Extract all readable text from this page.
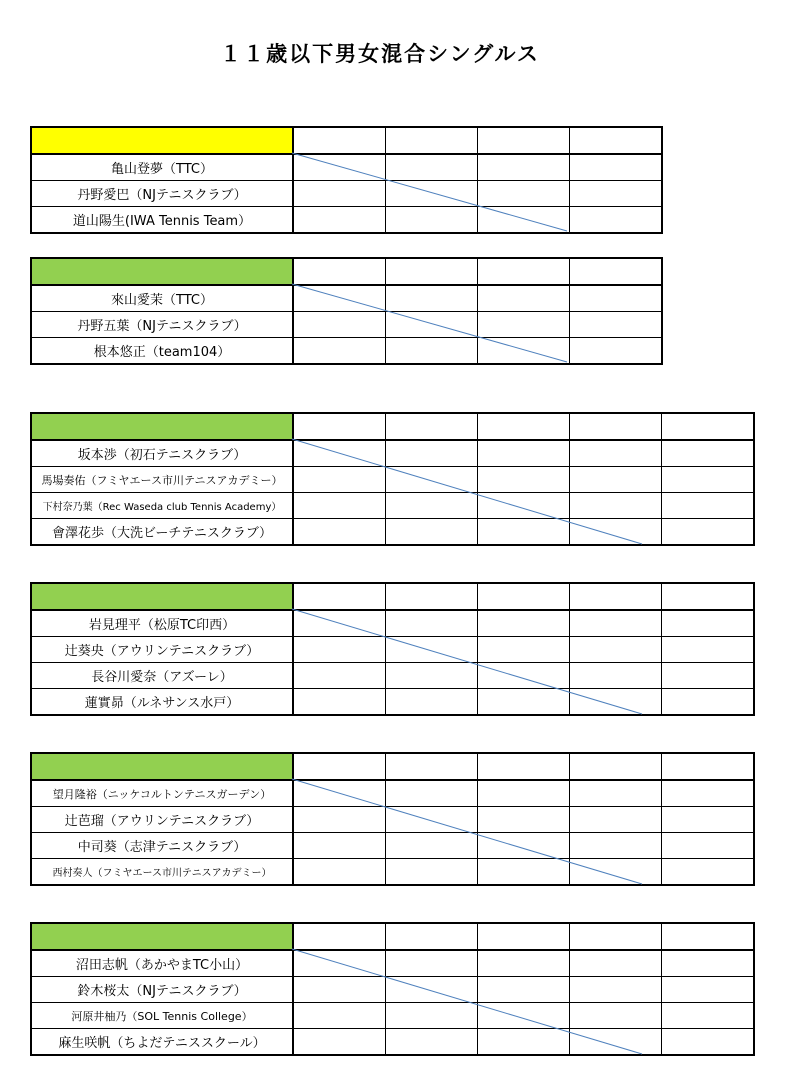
１１歳以下男女混合シングルス

亀山登夢（TTC）				
丹野愛巴（NJテニスクラブ）				
道山陽生(IWA Tennis Team）				

來山愛茉（TTC）				
丹野五葉（NJテニスクラブ）				
根本悠正（team104）				

坂本渉（初石テニスクラブ）					
馬場奏佑（フミヤエース市川テニスアカデミー）					
下村奈乃葉（Rec Waseda club Tennis Academy）					
會澤花歩（大洗ビーチテニスクラブ）					

岩見理平（松原TC印西）					
辻葵央（アウリンテニスクラブ）					
長谷川愛奈（アズーレ）					
蓮實昴（ルネサンス水戸）					

望月隆裕（ニッケコルトンテニスガーデン）					
辻芭瑠（アウリンテニスクラブ）					
中司葵（志津テニスクラブ）					
西村奏人（フミヤエース市川テニスアカデミー）					

沼田志帆（あかやまTC小山）					
鈴木桜太（NJテニスクラブ）					
河原井柚乃（SOL Tennis College）					
麻生咲帆（ちよだテニススクール）					
